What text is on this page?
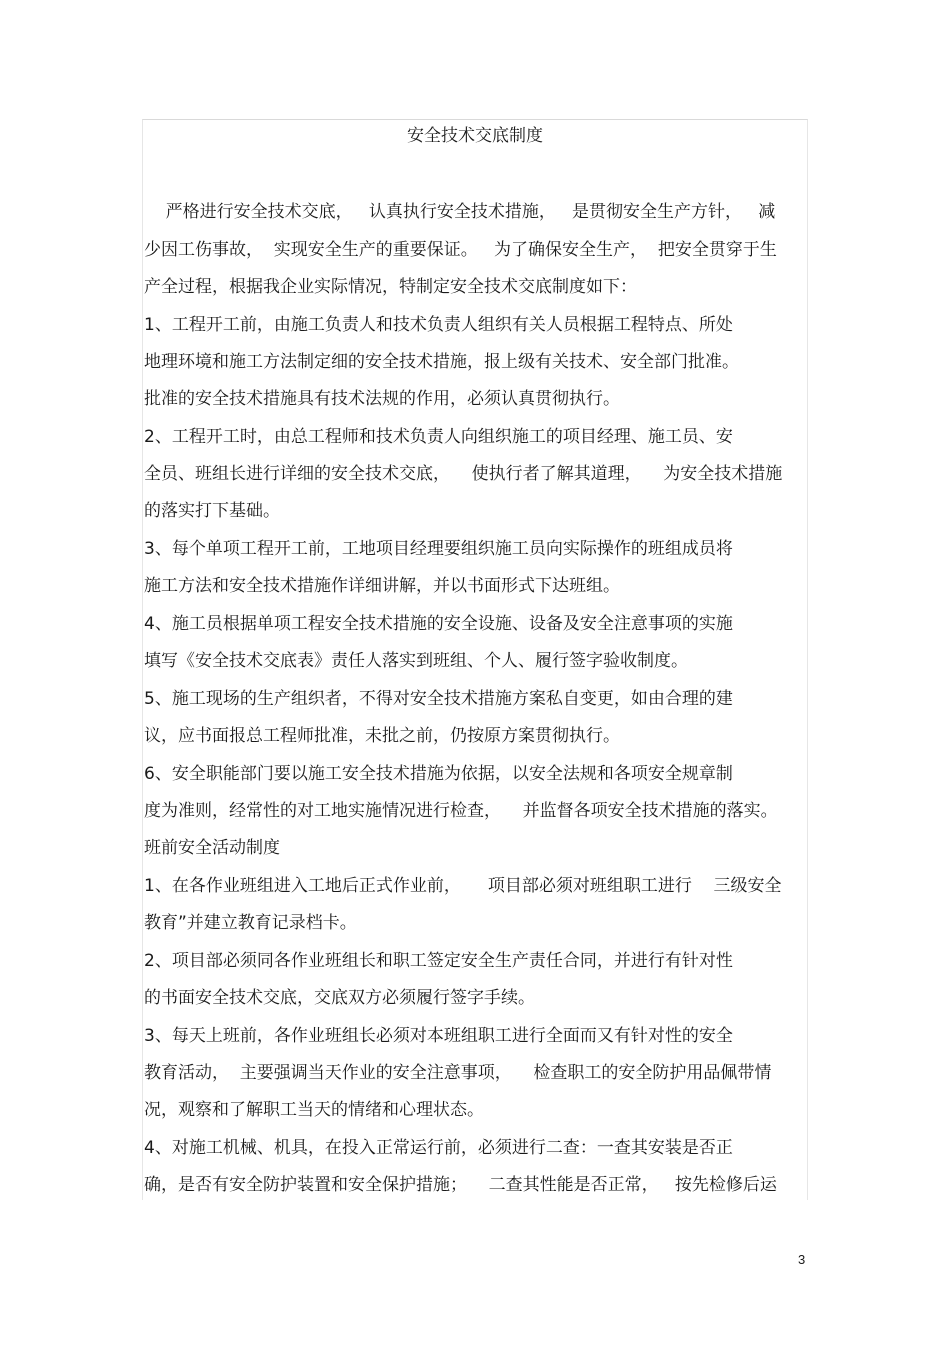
安全技术交底制度
严格进行安全技术交底，   认真执行安全技术措施，   是贯彻安全生产方针，   减
少因工伤事故，  实现安全生产的重要保证。   为了确保安全生产，  把安全贯穿于生
产全过程，根据我企业实际情况，特制定安全技术交底制度如下：
1、工程开工前，由施工负责人和技术负责人组织有关人员根据工程特点、所处
地理环境和施工方法制定细的安全技术措施，报上级有关技术、安全部门批准。
批准的安全技术措施具有技术法规的作用，必须认真贯彻执行。
2、工程开工时，由总工程师和技术负责人向组织施工的项目经理、施工员、安
全员、班组长进行详细的安全技术交底，    使执行者了解其道理，    为安全技术措施
的落实打下基础。
3、每个单项工程开工前，工地项目经理要组织施工员向实际操作的班组成员将
施工方法和安全技术措施作详细讲解，并以书面形式下达班组。
4、施工员根据单项工程安全技术措施的安全设施、设备及安全注意事项的实施
填写《安全技术交底表》责任人落实到班组、个人、履行签字验收制度。
5、施工现场的生产组织者，不得对安全技术措施方案私自变更，如由合理的建
议，应书面报总工程师批准，未批之前，仍按原方案贯彻执行。
6、安全职能部门要以施工安全技术措施为依据，以安全法规和各项安全规章制
度为准则，经常性的对工地实施情况进行检查，    并监督各项安全技术措施的落实。
班前安全活动制度
1、在各作业班组进入工地后正式作业前，     项目部必须对班组职工进行    三级安全
教育”并建立教育记录档卡。
2、项目部必须同各作业班组长和职工签定安全生产责任合同，并进行有针对性
的书面安全技术交底，交底双方必须履行签字手续。
3、每天上班前，各作业班组长必须对本班组职工进行全面而又有针对性的安全
教育活动，  主要强调当天作业的安全注意事项，    检查职工的安全防护用品佩带情
况，观察和了解职工当天的情绪和心理状态。
4、对施工机械、机具，在投入正常运行前，必须进行二查：一查其安装是否正
确，是否有安全防护装置和安全保护措施；    二查其性能是否正常，   按先检修后运
3
